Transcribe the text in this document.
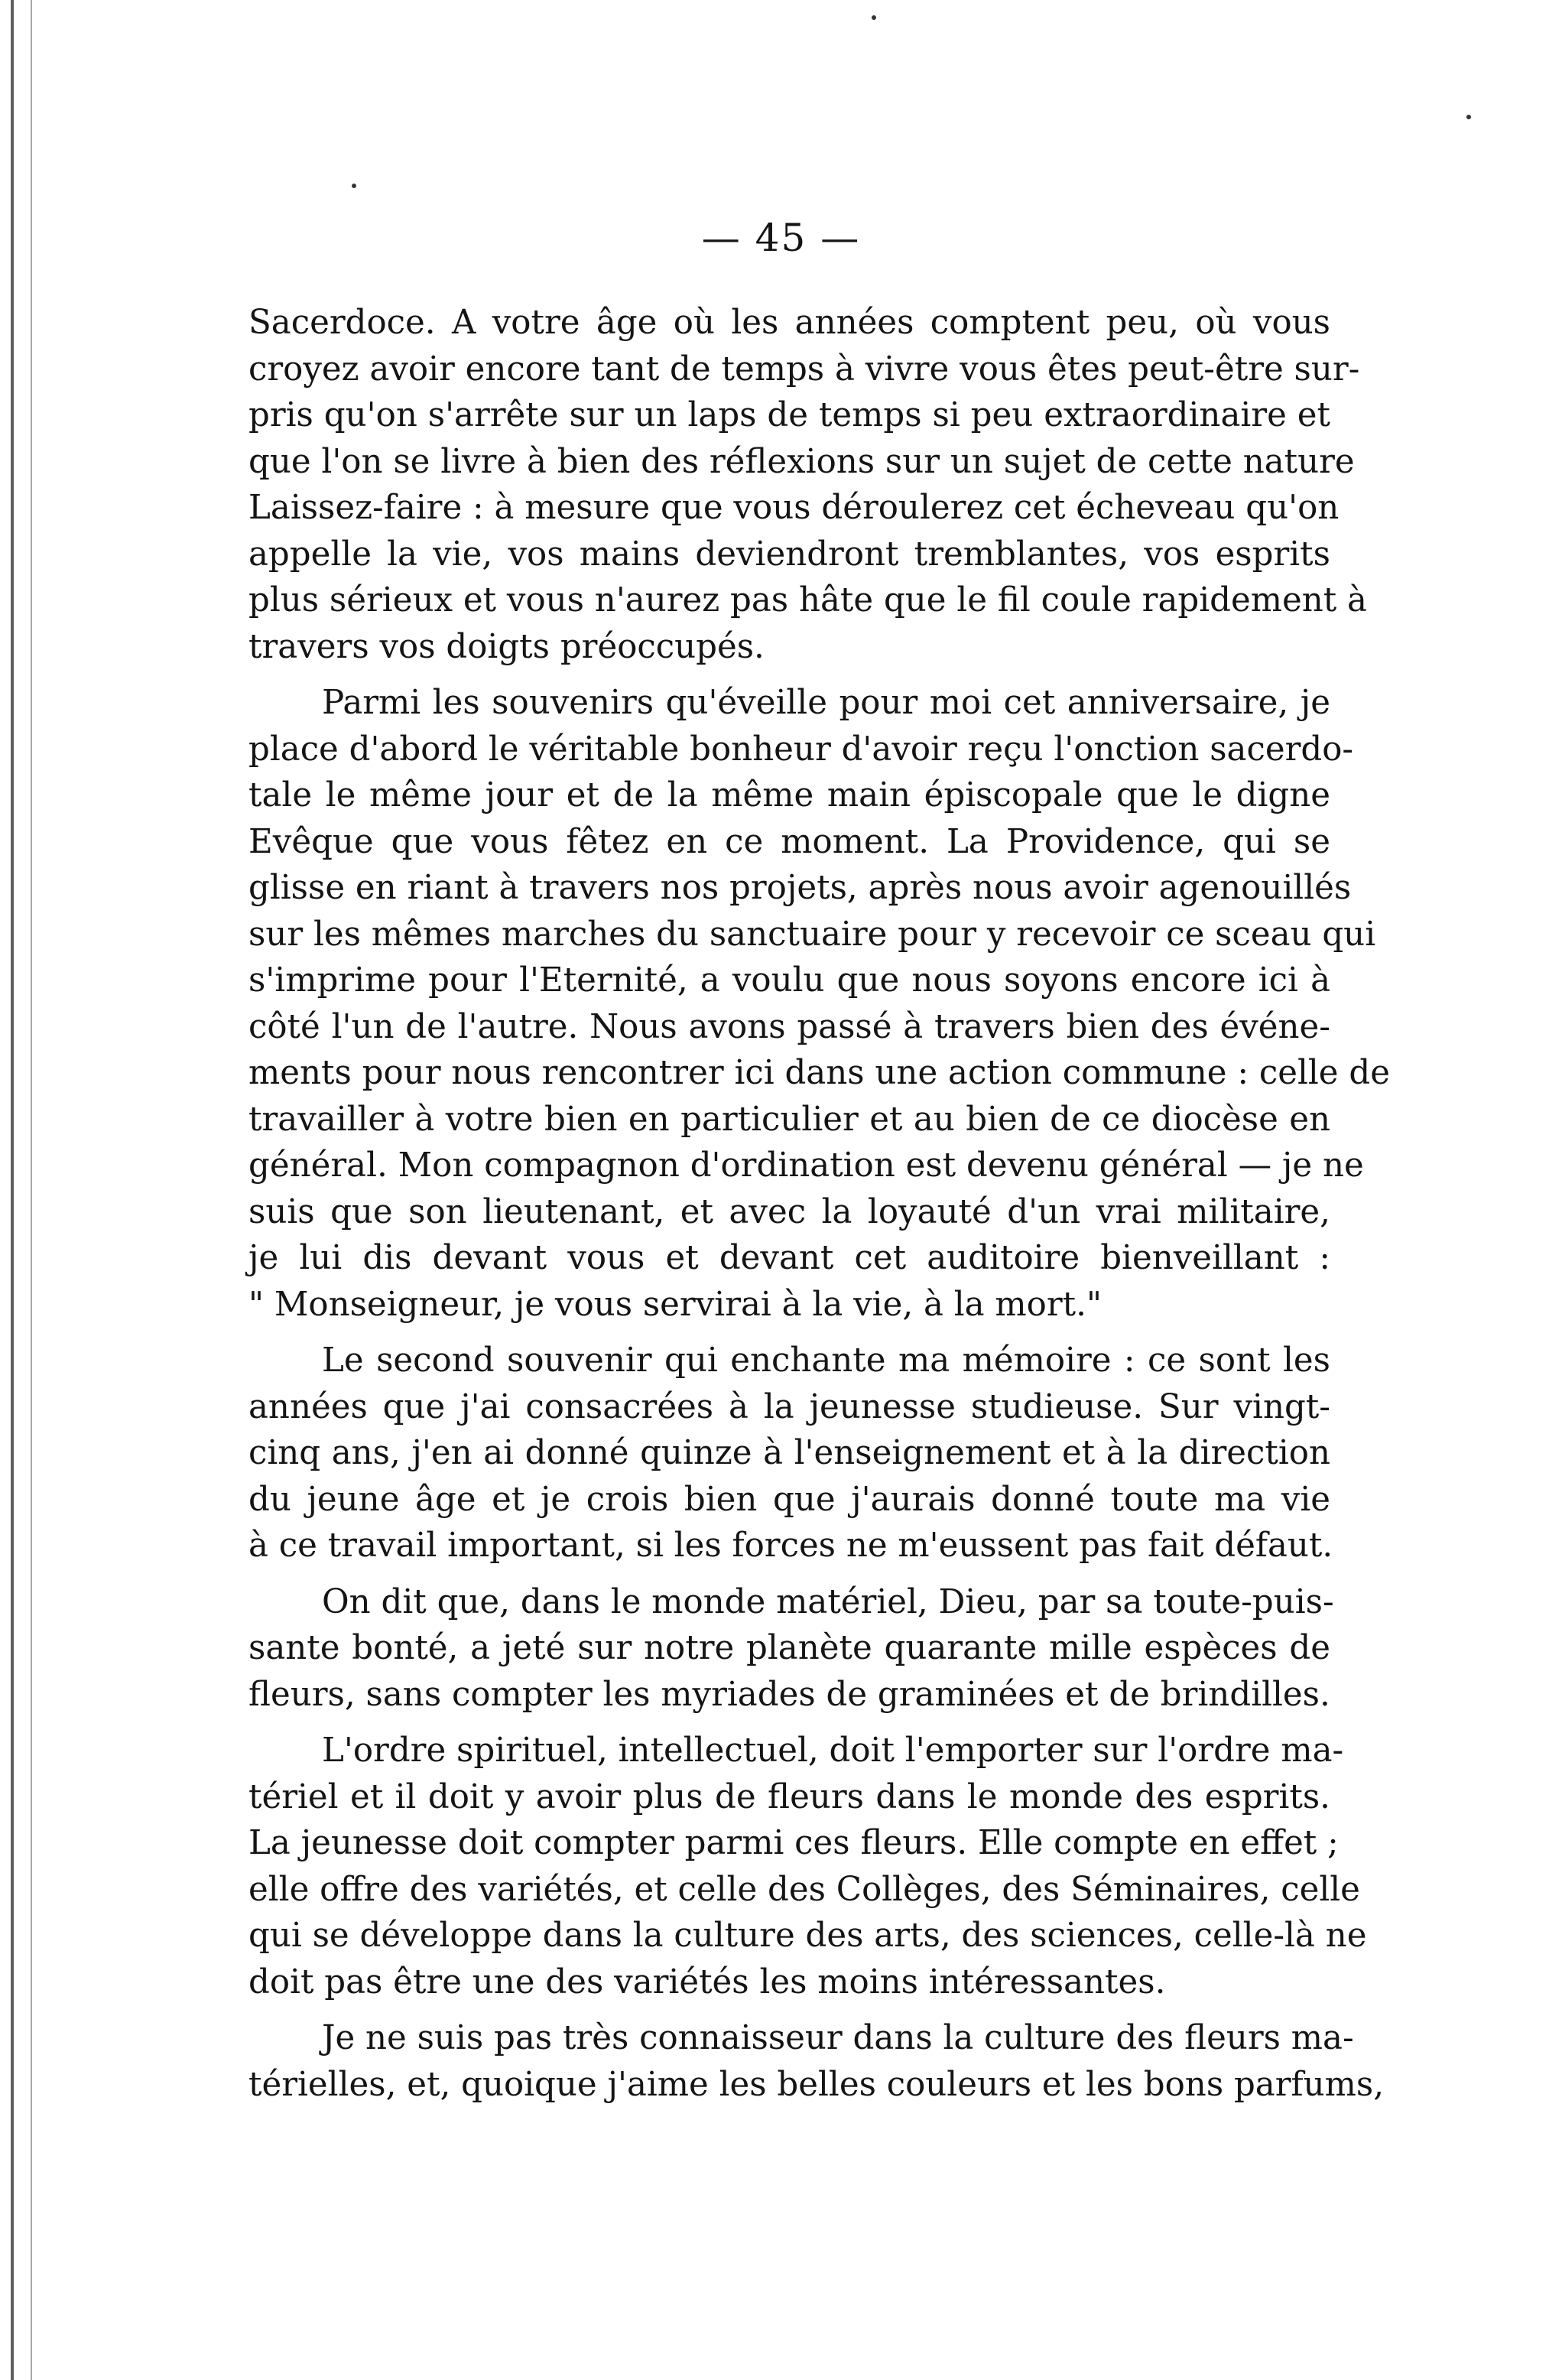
— 45 —
Sacerdoce. A votre âge où les années comptent peu, où vous
croyez avoir encore tant de temps à vivre vous êtes peut-être sur-
pris qu'on s'arrête sur un laps de temps si peu extraordinaire et
que l'on se livre à bien des réflexions sur un sujet de cette nature
Laissez-faire : à mesure que vous déroulerez cet écheveau qu'on
appelle la vie, vos mains deviendront tremblantes, vos esprits
plus sérieux et vous n'aurez pas hâte que le fil coule rapidement à
travers vos doigts préoccupés.
Parmi les souvenirs qu'éveille pour moi cet anniversaire, je
place d'abord le véritable bonheur d'avoir reçu l'onction sacerdo-
tale le même jour et de la même main épiscopale que le digne
Evêque que vous fêtez en ce moment. La Providence, qui se
glisse en riant à travers nos projets, après nous avoir agenouillés
sur les mêmes marches du sanctuaire pour y recevoir ce sceau qui
s'imprime pour l'Eternité, a voulu que nous soyons encore ici à
côté l'un de l'autre. Nous avons passé à travers bien des événe-
ments pour nous rencontrer ici dans une action commune : celle de
travailler à votre bien en particulier et au bien de ce diocèse en
général. Mon compagnon d'ordination est devenu général — je ne
suis que son lieutenant, et avec la loyauté d'un vrai militaire,
je lui dis devant vous et devant cet auditoire bienveillant :
" Monseigneur, je vous servirai à la vie, à la mort."
Le second souvenir qui enchante ma mémoire : ce sont les
années que j'ai consacrées à la jeunesse studieuse. Sur vingt-
cinq ans, j'en ai donné quinze à l'enseignement et à la direction
du jeune âge et je crois bien que j'aurais donné toute ma vie
à ce travail important, si les forces ne m'eussent pas fait défaut.
On dit que, dans le monde matériel, Dieu, par sa toute-puis-
sante bonté, a jeté sur notre planète quarante mille espèces de
fleurs, sans compter les myriades de graminées et de brindilles.
L'ordre spirituel, intellectuel, doit l'emporter sur l'ordre ma-
tériel et il doit y avoir plus de fleurs dans le monde des esprits.
La jeunesse doit compter parmi ces fleurs. Elle compte en effet ;
elle offre des variétés, et celle des Collèges, des Séminaires, celle
qui se développe dans la culture des arts, des sciences, celle-là ne
doit pas être une des variétés les moins intéressantes.
Je ne suis pas très connaisseur dans la culture des fleurs ma-
térielles, et, quoique j'aime les belles couleurs et les bons parfums,
